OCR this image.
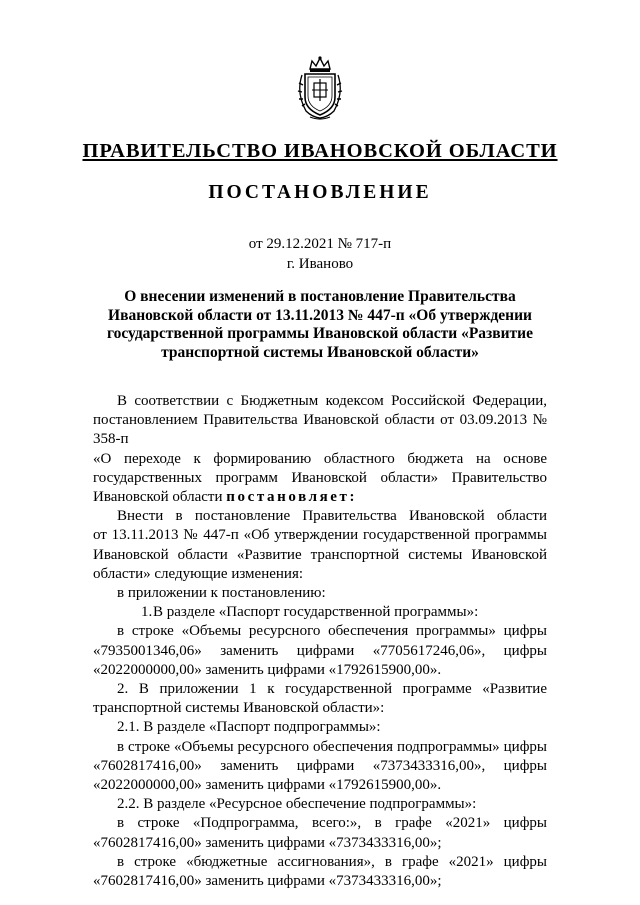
ПРАВИТЕЛЬСТВО ИВАНОВСКОЙ ОБЛАСТИ
ПОСТАНОВЛЕНИЕ
от 29.12.2021 № 717-п
г. Иваново
О внесении изменений в постановление Правительства
Ивановской области от 13.11.2013 № 447-п «Об утверждении
государственной программы Ивановской области «Развитие
транспортной системы Ивановской области»

В соответствии с Бюджетным кодексом Российской Федерации,

постановлением Правительства Ивановской области от 03.09.2013 № 358-п

«О переходе к формированию областного бюджета на основе

государственных программ Ивановской области» Правительство

Ивановской области постановляет:

Внести в постановление Правительства Ивановской области

от 13.11.2013 № 447-п «Об утверждении государственной программы

Ивановской области «Развитие транспортной системы Ивановской

области» следующие изменения:

в приложении к постановлению:

1.В разделе «Паспорт государственной программы»:

в строке «Объемы ресурсного обеспечения программы» цифры

«7935001346,06» заменить цифрами «7705617246,06», цифры

«2022000000,00» заменить цифрами «1792615900,00».

2. В приложении 1 к государственной программе «Развитие

транспортной системы Ивановской области»:

2.1. В разделе «Паспорт подпрограммы»:

в строке «Объемы ресурсного обеспечения подпрограммы» цифры

«7602817416,00» заменить цифрами «7373433316,00», цифры

«2022000000,00» заменить цифрами «1792615900,00».

2.2. В разделе «Ресурсное обеспечение подпрограммы»:

в строке «Подпрограмма, всего:», в графе «2021» цифры

«7602817416,00» заменить цифрами «7373433316,00»;

в строке «бюджетные ассигнования», в графе «2021» цифры

«7602817416,00» заменить цифрами «7373433316,00»;
